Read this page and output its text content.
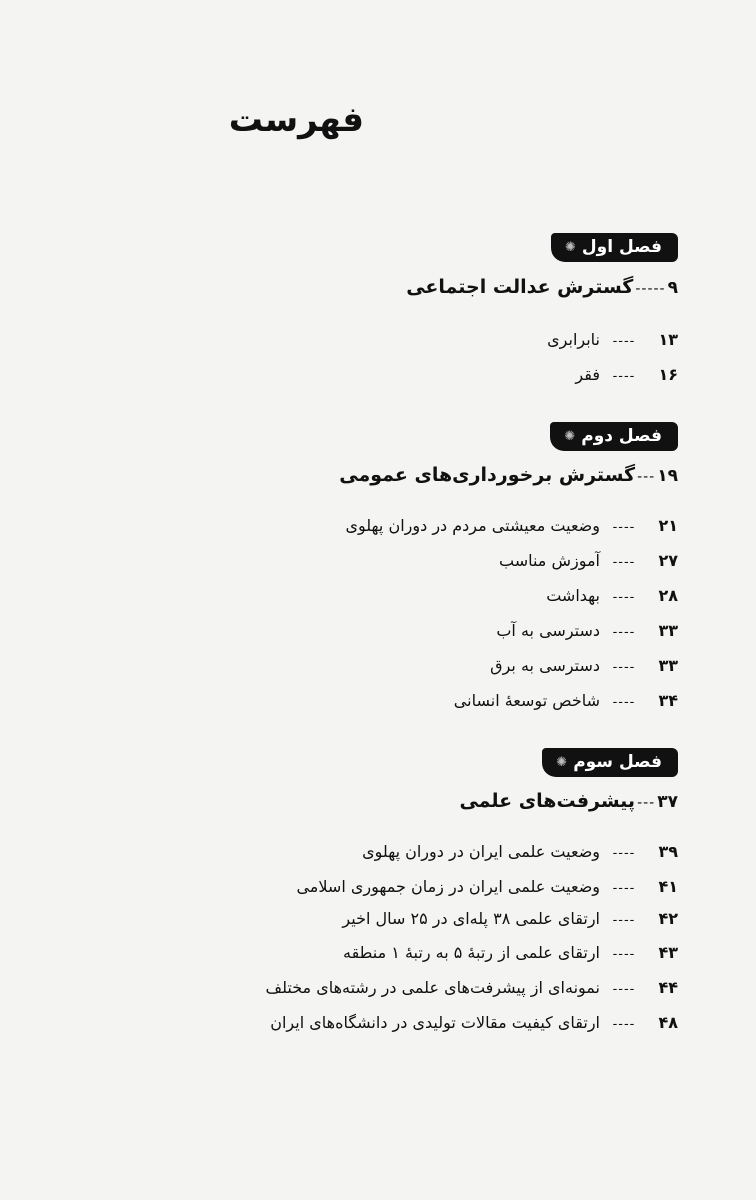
فهرست
فصل اول
✺
۹
-----
گسترش عدالت اجتماعی
۱۳
----
نابرابری
۱۶
----
فقر
فصل دوم
✺
۱۹
---
گسترش برخورداری‌های عمومی
۲۱
----
وضعیت معیشتی مردم در دوران پهلوی
۲۷
----
آموزش مناسب
۲۸
----
بهداشت
۳۳
----
دسترسی به آب
۳۳
----
دسترسی به برق
۳۴
----
شاخص توسعهٔ انسانی
فصل سوم
✺
۳۷
---
پیشرفت‌های علمی
۳۹
----
وضعیت علمی ایران در دوران پهلوی
۴۱
----
وضعیت علمی ایران در زمان جمهوری اسلامی
۴۲
----
ارتقای علمی ۳۸ پله‌ای در ۲۵ سال اخیر
۴۳
----
ارتقای علمی از رتبهٔ ۵ به رتبهٔ ۱ منطقه
۴۴
----
نمونه‌ای از پیشرفت‌های علمی در رشته‌های مختلف
۴۸
----
ارتقای کیفیت مقالات تولیدی در دانشگاه‌های ایران
